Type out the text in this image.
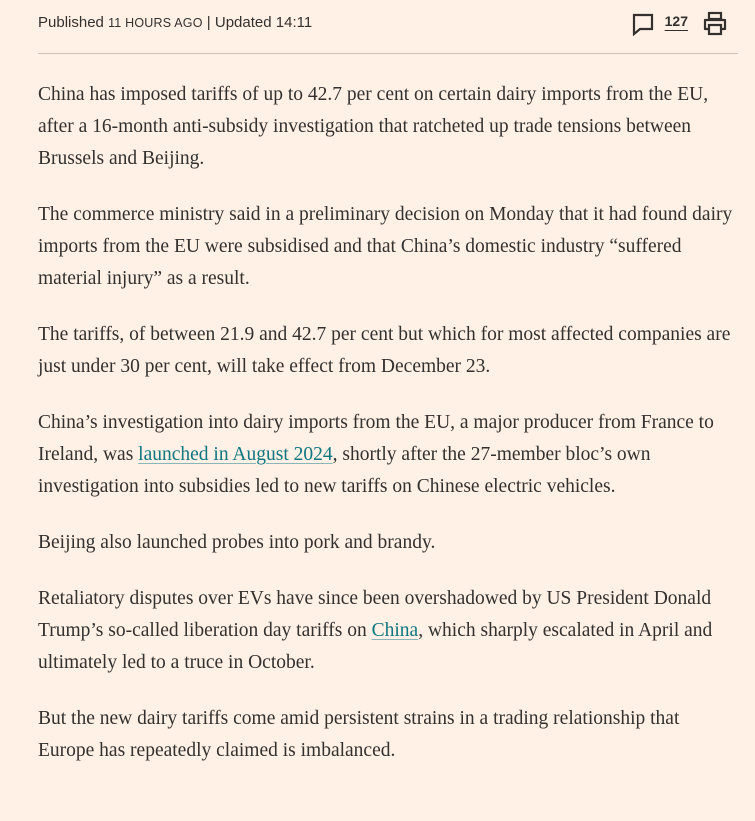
Published 11 HOURS AGO | Updated 14:11	127

China has imposed tariffs of up to 42.7 per cent on certain dairy imports from the EU, after a 16-month anti-subsidy investigation that ratcheted up trade tensions between Brussels and Beijing.

The commerce ministry said in a preliminary decision on Monday that it had found dairy imports from the EU were subsidised and that China’s domestic industry “suffered material injury” as a result.

The tariffs, of between 21.9 and 42.7 per cent but which for most affected companies are just under 30 per cent, will take effect from December 23.

China’s investigation into dairy imports from the EU, a major producer from France to Ireland, was launched in August 2024, shortly after the 27-member bloc’s own investigation into subsidies led to new tariffs on Chinese electric vehicles.

Beijing also launched probes into pork and brandy.

Retaliatory disputes over EVs have since been overshadowed by US President Donald Trump’s so-called liberation day tariffs on China, which sharply escalated in April and ultimately led to a truce in October.

But the new dairy tariffs come amid persistent strains in a trading relationship that Europe has repeatedly claimed is imbalanced.
